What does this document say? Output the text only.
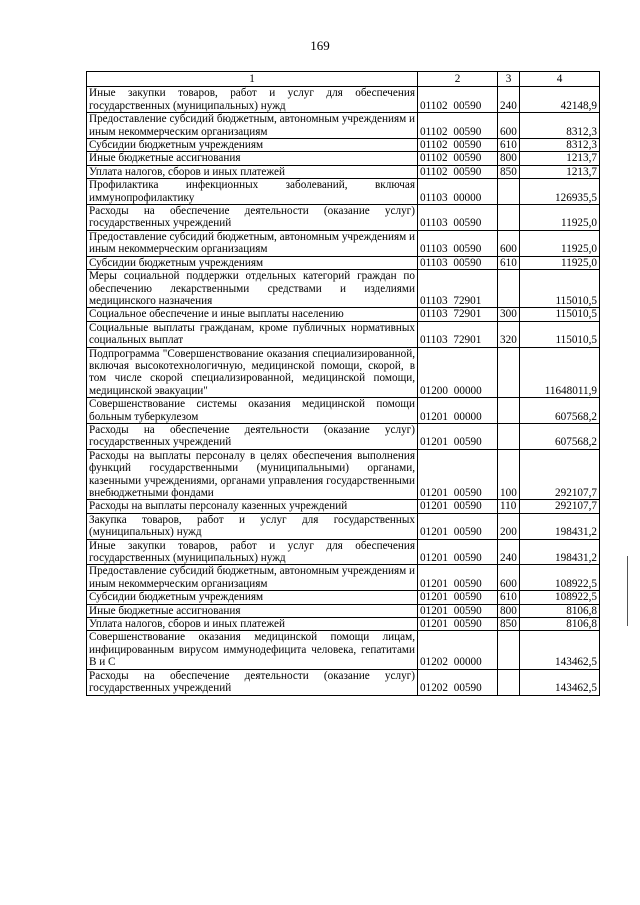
169
1	2	3	4
Иные закупки товаров, работ и услуг для обеспечения государственных (муниципальных) нужд	01102 00590	240	42148,9
Предоставление субсидий бюджетным, автономным учреждениям и иным некоммерческим организациям	01102 00590	600	8312,3
Субсидии бюджетным учреждениям	01102 00590	610	8312,3
Иные бюджетные ассигнования	01102 00590	800	1213,7
Уплата налогов, сборов и иных платежей	01102 00590	850	1213,7
Профилактика инфекционных заболеваний, включая иммунопрофилактику	01103 00000		126935,5
Расходы на обеспечение деятельности (оказание услуг) государственных учреждений	01103 00590		11925,0
Предоставление субсидий бюджетным, автономным учреждениям и иным некоммерческим организациям	01103 00590	600	11925,0
Субсидии бюджетным учреждениям	01103 00590	610	11925,0
Меры социальной поддержки отдельных категорий граждан по обеспечению лекарственными средствами и изделиями медицинского назначения	01103 72901		115010,5
Социальное обеспечение и иные выплаты населению	01103 72901	300	115010,5
Социальные выплаты гражданам, кроме публичных нормативных социальных выплат	01103 72901	320	115010,5
Подпрограмма "Совершенствование оказания специализированной, включая высокотехнологичную, медицинской помощи, скорой, в том числе скорой специализированной, медицинской помощи, медицинской эвакуации"	01200 00000		11648011,9
Совершенствование системы оказания медицинской помощи больным туберкулезом	01201 00000		607568,2
Расходы на обеспечение деятельности (оказание услуг) государственных учреждений	01201 00590		607568,2
Расходы на выплаты персоналу в целях обеспечения выполнения функций государственными (муниципальными) органами, казенными учреждениями, органами управления государственными внебюджетными фондами	01201 00590	100	292107,7
Расходы на выплаты персоналу казенных учреждений	01201 00590	110	292107,7
Закупка товаров, работ и услуг для государственных (муниципальных) нужд	01201 00590	200	198431,2
Иные закупки товаров, работ и услуг для обеспечения государственных (муниципальных) нужд	01201 00590	240	198431,2
Предоставление субсидий бюджетным, автономным учреждениям и иным некоммерческим организациям	01201 00590	600	108922,5
Субсидии бюджетным учреждениям	01201 00590	610	108922,5
Иные бюджетные ассигнования	01201 00590	800	8106,8
Уплата налогов, сборов и иных платежей	01201 00590	850	8106,8
Совершенствование оказания медицинской помощи лицам, инфицированным вирусом иммунодефицита человека, гепатитами В и С	01202 00000		143462,5
Расходы на обеспечение деятельности (оказание услуг) государственных учреждений	01202 00590		143462,5
